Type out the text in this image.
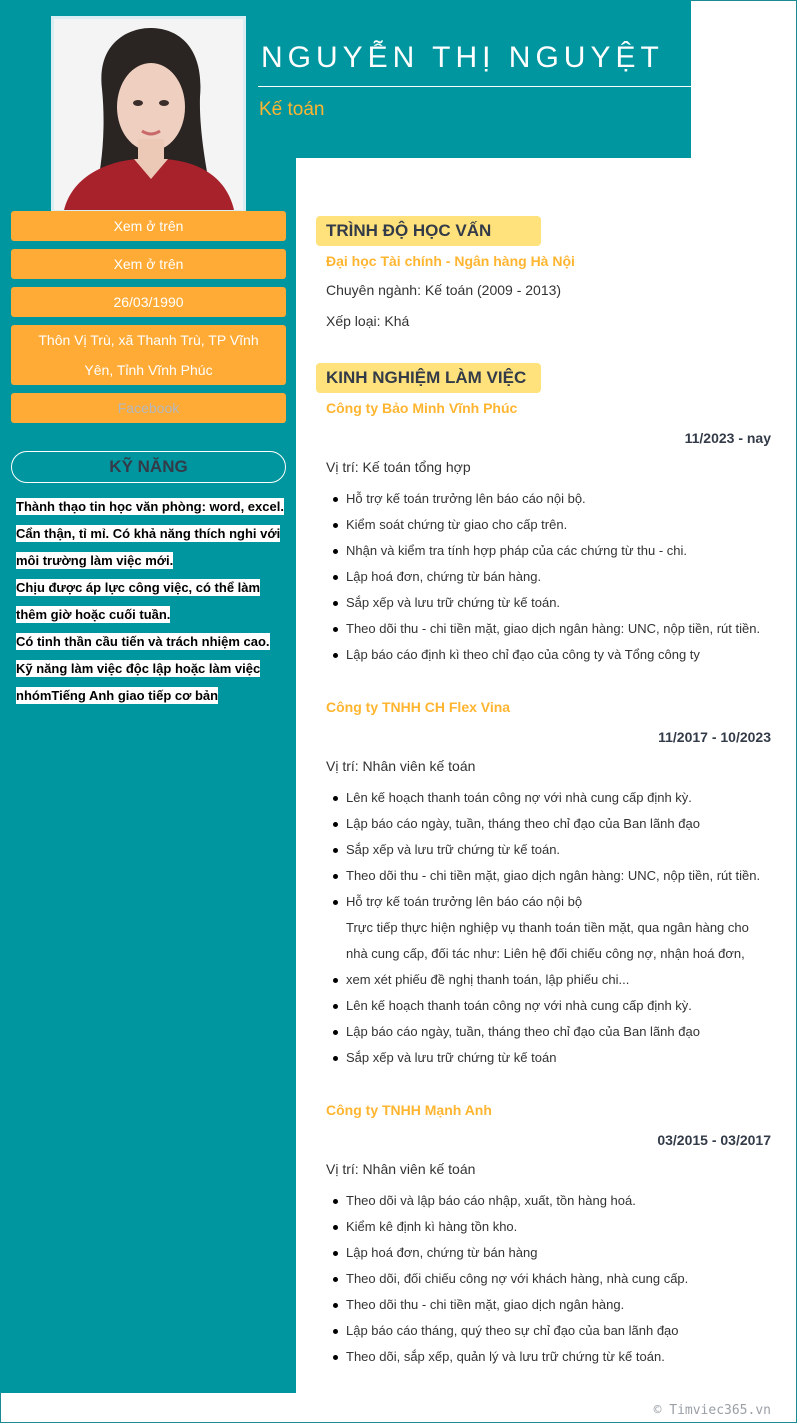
NGUYỄN THỊ NGUYỆT
Kế toán
Xem ở trên
Xem ở trên
26/03/1990
Thôn Vị Trù, xã Thanh Trù, TP Vĩnh Yên, Tỉnh Vĩnh Phúc
Facebook
KỸ NĂNG
Thành thạo tin học văn phòng: word, excel.
Cẩn thận, tỉ mỉ. Có khả năng thích nghi với
môi trường làm việc mới.
Chịu được áp lực công việc, có thể làm
thêm giờ hoặc cuối tuần.
Có tinh thần cầu tiến và trách nhiệm cao.
Kỹ năng làm việc độc lập hoặc làm việc
nhómTiếng Anh giao tiếp cơ bản
TRÌNH ĐỘ HỌC VẤN
Đại học Tài chính - Ngân hàng Hà Nội
Chuyên ngành: Kế toán (2009 - 2013)
Xếp loại: Khá
KINH NGHIỆM LÀM VIỆC
Công ty Bảo Minh Vĩnh Phúc
11/2023 - nay
Vị trí: Kế toán tổng hợp
Hỗ trợ kế toán trưởng lên báo cáo nội bộ.
Kiểm soát chứng từ giao cho cấp trên.
Nhận và kiểm tra tính hợp pháp của các chứng từ thu - chi.
Lập hoá đơn, chứng từ bán hàng.
Sắp xếp và lưu trữ chứng từ kế toán.
Theo dõi thu - chi tiền mặt, giao dịch ngân hàng: UNC, nộp tiền, rút tiền.
Lập báo cáo định kì theo chỉ đạo của công ty và Tổng công ty
Công ty TNHH CH Flex Vina
11/2017 - 10/2023
Vị trí: Nhân viên kế toán
Lên kế hoạch thanh toán công nợ với nhà cung cấp định kỳ.
Lập báo cáo ngày, tuần, tháng theo chỉ đạo của Ban lãnh đạo
Sắp xếp và lưu trữ chứng từ kế toán.
Theo dõi thu - chi tiền mặt, giao dịch ngân hàng: UNC, nộp tiền, rút tiền.
Hỗ trợ kế toán trưởng lên báo cáo nội bộ
Trực tiếp thực hiện nghiệp vụ thanh toán tiền mặt, qua ngân hàng cho
nhà cung cấp, đối tác như: Liên hệ đối chiếu công nợ, nhận hoá đơn,
xem xét phiếu đề nghị thanh toán, lập phiếu chi...
Lên kế hoạch thanh toán công nợ với nhà cung cấp định kỳ.
Lập báo cáo ngày, tuần, tháng theo chỉ đạo của Ban lãnh đạo
Sắp xếp và lưu trữ chứng từ kế toán
Công ty TNHH Mạnh Anh
03/2015 - 03/2017
Vị trí: Nhân viên kế toán
Theo dõi và lập báo cáo nhập, xuất, tồn hàng hoá.
Kiểm kê định kì hàng tồn kho.
Lập hoá đơn, chứng từ bán hàng
Theo dõi, đối chiếu công nợ với khách hàng, nhà cung cấp.
Theo dõi thu - chi tiền mặt, giao dịch ngân hàng.
Lập báo cáo tháng, quý theo sự chỉ đạo của ban lãnh đạo
Theo dõi, sắp xếp, quản lý và lưu trữ chứng từ kế toán.
© Timviec365.vn
